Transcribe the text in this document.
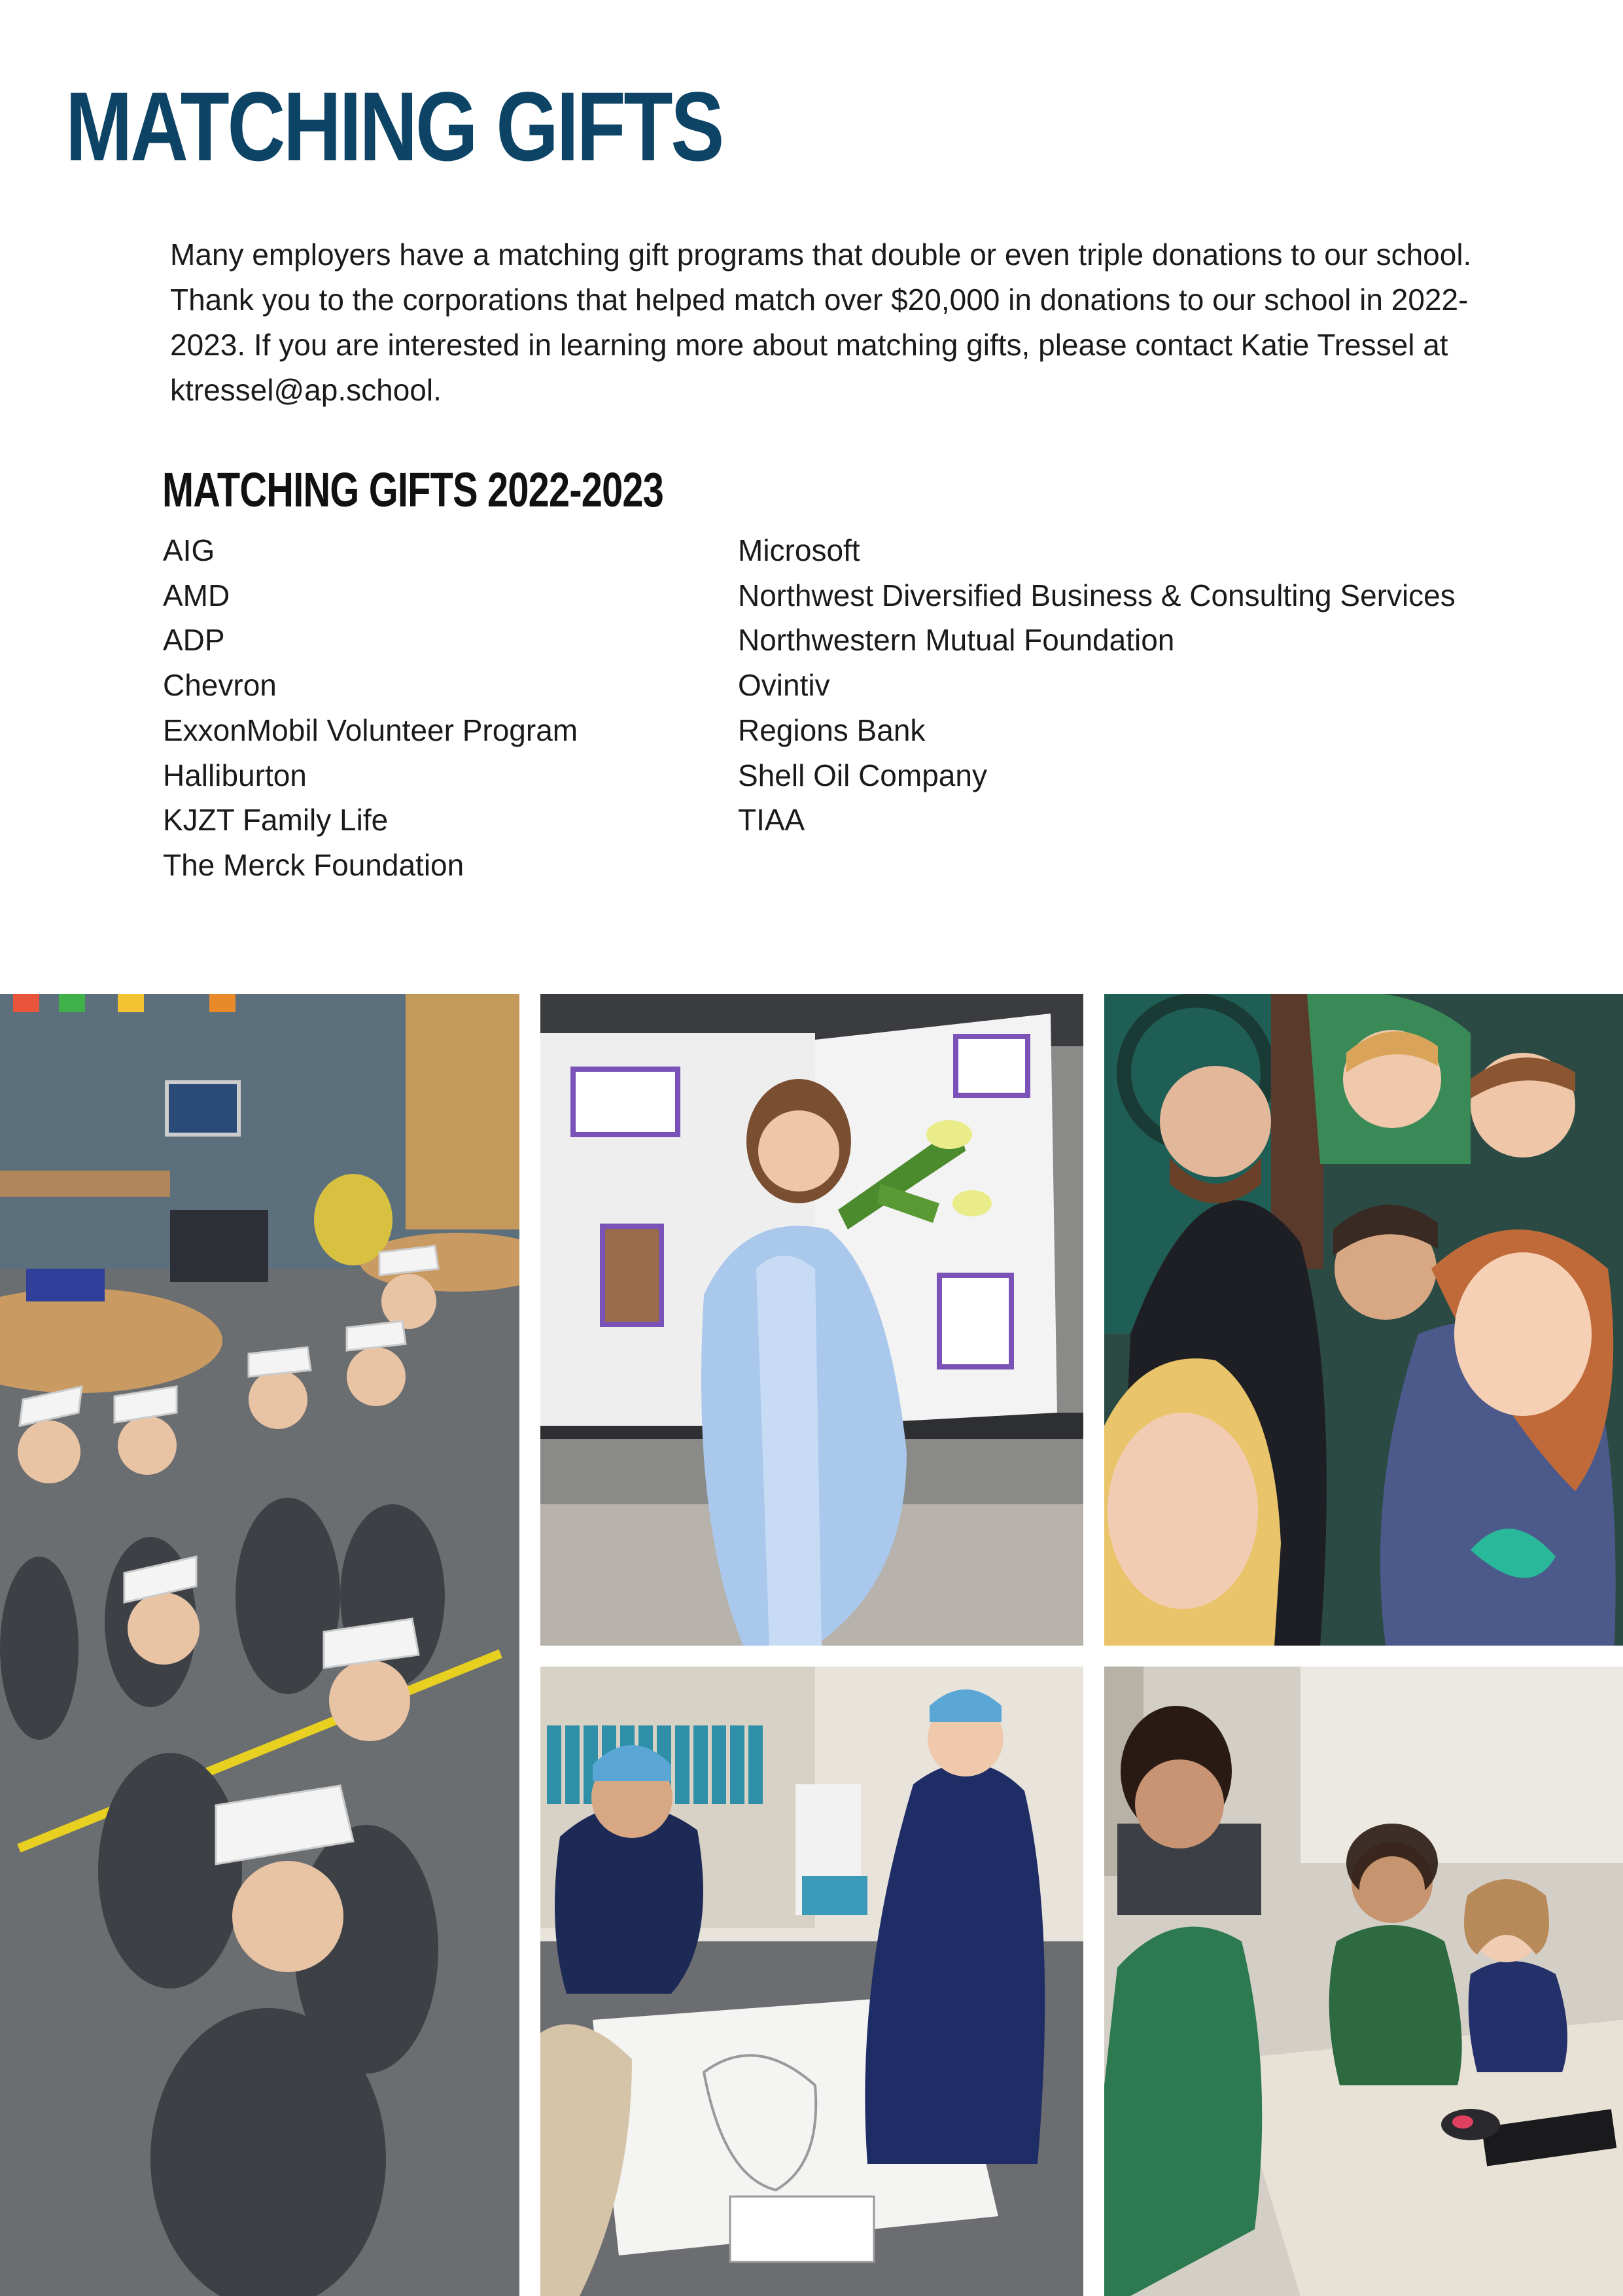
MATCHING GIFTS

Many employers have a matching gift programs that double or even triple donations to our school. Thank you to the corporations that helped match over $20,000 in donations to our school in 2022-2023. If you are interested in learning more about matching gifts, please contact Katie Tressel at ktressel@ap.school.

MATCHING GIFTS 2022-2023
AIG
AMD
ADP
Chevron
ExxonMobil Volunteer Program
Halliburton
KJZT Family Life
The Merck Foundation
Microsoft
Northwest Diversified Business & Consulting Services
Northwestern Mutual Foundation
Ovintiv
Regions Bank
Shell Oil Company
TIAA
